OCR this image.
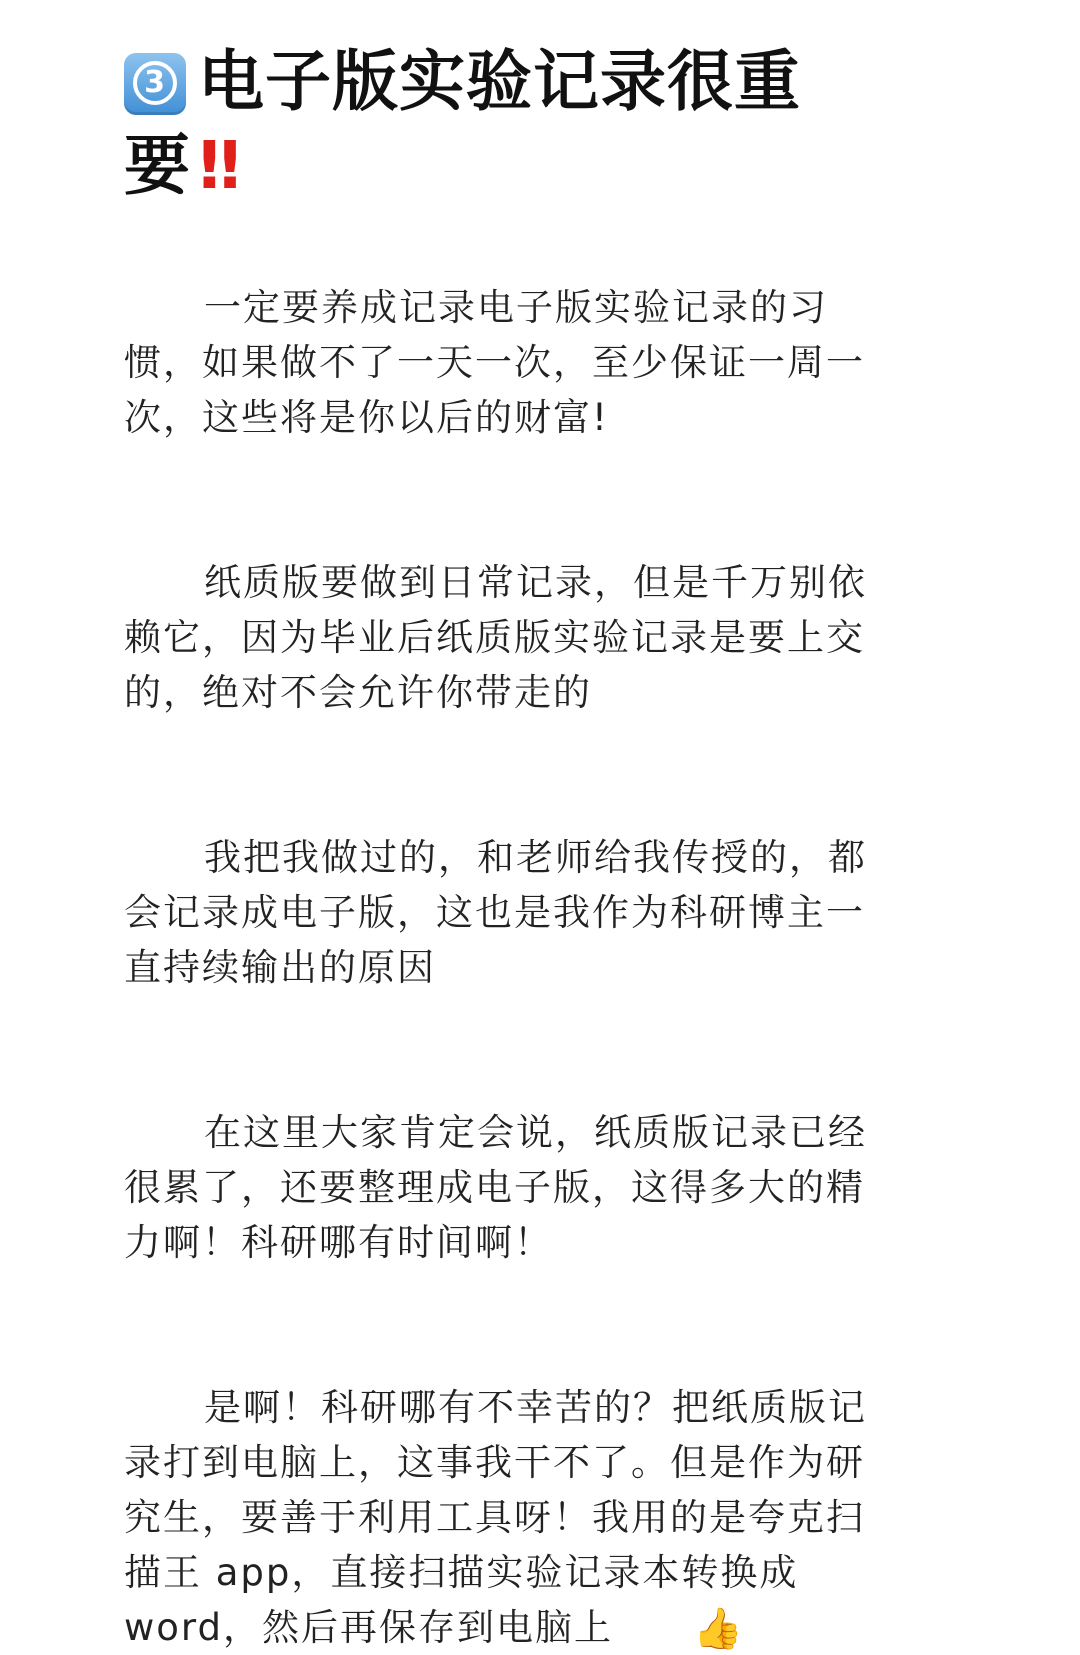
3 电子版实验记录很重要 ‼

一定要养成记录电子版实验记录的习惯，如果做不了一天一次，至少保证一周一次，这些将是你以后的财富!

纸质版要做到日常记录，但是千万别依赖它，因为毕业后纸质版实验记录是要上交的，绝对不会允许你带走的

我把我做过的，和老师给我传授的，都会记录成电子版，这也是我作为科研博主一直持续输出的原因

在这里大家肯定会说，纸质版记录已经很累了，还要整理成电子版，这得多大的精力啊！科研哪有时间啊！

是啊！科研哪有不幸苦的？把纸质版记录打到电脑上，这事我干不了。但是作为研究生，要善于利用工具呀！我用的是夸克扫描王 app，直接扫描实验记录本转换成word，然后再保存到电脑上 👍
